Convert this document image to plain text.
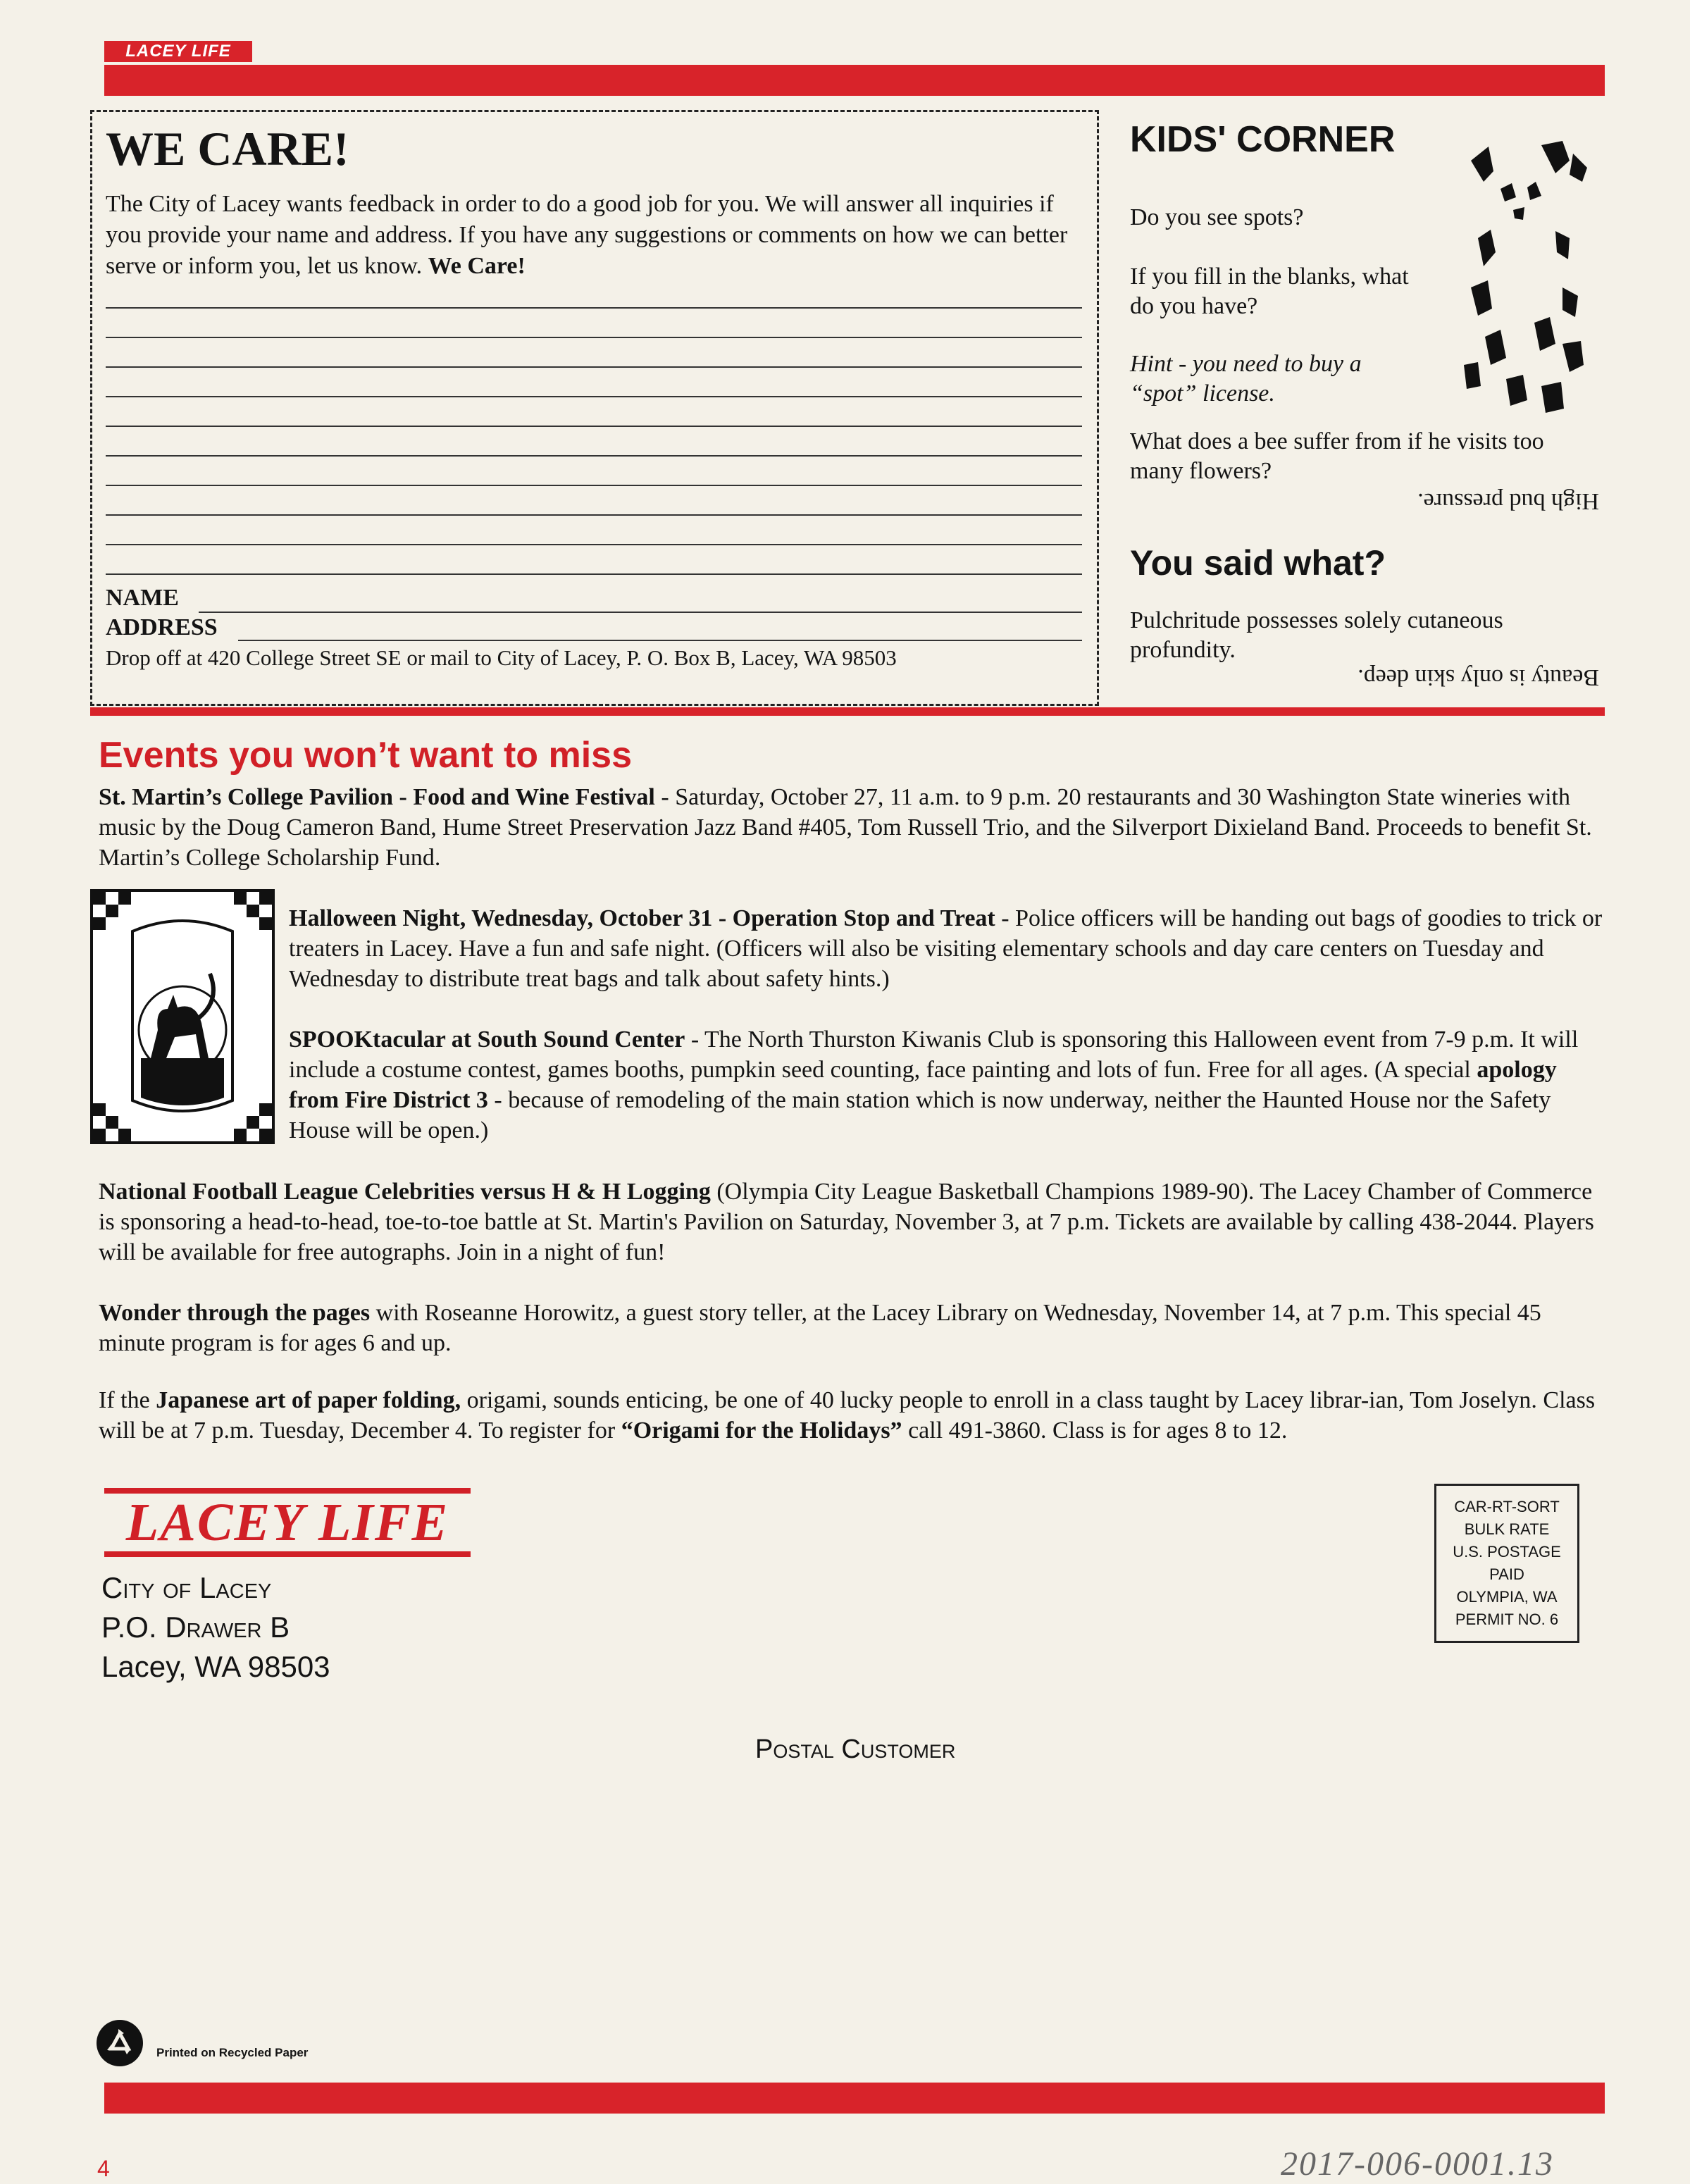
LACEY LIFE
WE CARE!
The City of Lacey wants feedback in order to do a good job for you. We will answer all inquiries if you provide your name and address. If you have any suggestions or comments on how we can better serve or inform you, let us know. We Care!
NAME
ADDRESS
Drop off at 420 College Street SE or mail to City of Lacey, P. O. Box B, Lacey, WA 98503
KIDS' CORNER
Do you see spots?
If you fill in the blanks, what do you have?
Hint - you need to buy a “spot” license.
What does a bee suffer from if he visits too many flowers?
High bud pressure.
You said what?
Pulchritude possesses solely cutaneous profundity.
Beauty is only skin deep.
Events you won’t want to miss
St. Martin’s College Pavilion - Food and Wine Festival - Saturday, October 27, 11 a.m. to 9 p.m. 20 restaurants and 30 Washington State wineries with music by the Doug Cameron Band, Hume Street Preservation Jazz Band #405, Tom Russell Trio, and the Silverport Dixieland Band. Proceeds to benefit St. Martin’s College Scholarship Fund.
Halloween Night, Wednesday, October 31 - Operation Stop and Treat - Police officers will be handing out bags of goodies to trick or treaters in Lacey. Have a fun and safe night. (Officers will also be visiting elementary schools and day care centers on Tuesday and Wednesday to distribute treat bags and talk about safety hints.)
SPOOKtacular at South Sound Center - The North Thurston Kiwanis Club is sponsoring this Halloween event from 7-9 p.m. It will include a costume contest, games booths, pumpkin seed counting, face painting and lots of fun. Free for all ages. (A special apology from Fire District 3 - because of remodeling of the main station which is now underway, neither the Haunted House nor the Safety House will be open.)
National Football League Celebrities versus H & H Logging (Olympia City League Basketball Champions 1989-90). The Lacey Chamber of Commerce is sponsoring a head-to-head, toe-to-toe battle at St. Martin's Pavilion on Saturday, November 3, at 7 p.m. Tickets are available by calling 438-2044. Players will be available for free autographs. Join in a night of fun!
Wonder through the pages with Roseanne Horowitz, a guest story teller, at the Lacey Library on Wednesday, November 14, at 7 p.m. This special 45 minute program is for ages 6 and up.
If the Japanese art of paper folding, origami, sounds enticing, be one of 40 lucky people to enroll in a class taught by Lacey librar-ian, Tom Joselyn. Class will be at 7 p.m. Tuesday, December 4. To register for “Origami for the Holidays” call 491-3860. Class is for ages 8 to 12.
LACEY LIFE
City of Lacey
P.O. Drawer B
Lacey, WA 98503
CAR-RT-SORT
BULK RATE
U.S. POSTAGE
PAID
OLYMPIA, WA
PERMIT NO. 6
Postal Customer
Printed on Recycled Paper
4	2017-006-0001.13
